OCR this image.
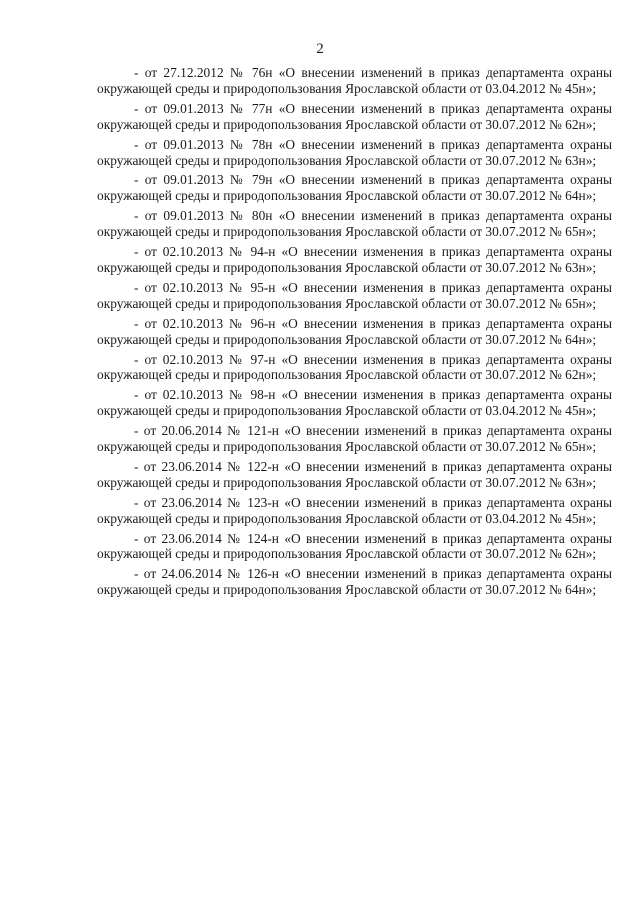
2

- от 27.12.2012 № 76н «О внесении изменений в приказ департамента охраны окружающей среды и природопользования Ярославской области от 03.04.2012 № 45н»;

- от 09.01.2013 № 77н «О внесении изменений в приказ департамента охраны окружающей среды и природопользования Ярославской области от 30.07.2012 № 62н»;

- от 09.01.2013 № 78н «О внесении изменений в приказ департамента охраны окружающей среды и природопользования Ярославской области от 30.07.2012 № 63н»;

- от 09.01.2013 № 79н «О внесении изменений в приказ департамента охраны окружающей среды и природопользования Ярославской области от 30.07.2012 № 64н»;

- от 09.01.2013 № 80н «О внесении изменений в приказ департамента охраны окружающей среды и природопользования Ярославской области от 30.07.2012 № 65н»;

- от 02.10.2013 № 94-н «О внесении изменения в приказ департамента охраны окружающей среды и природопользования Ярославской области от 30.07.2012 № 63н»;

- от 02.10.2013 № 95-н «О внесении изменения в приказ департамента охраны окружающей среды и природопользования Ярославской области от 30.07.2012 № 65н»;

- от 02.10.2013 № 96-н «О внесении изменения в приказ департамента охраны окружающей среды и природопользования Ярославской области от 30.07.2012 № 64н»;

- от 02.10.2013 № 97-н «О внесении изменения в приказ департамента охраны окружающей среды и природопользования Ярославской области от 30.07.2012 № 62н»;

- от 02.10.2013 № 98-н «О внесении изменения в приказ департамента охраны окружающей среды и природопользования Ярославской области от 03.04.2012 № 45н»;

- от 20.06.2014 № 121-н «О внесении изменений в приказ департамента охраны окружающей среды и природопользования Ярославской области от 30.07.2012 № 65н»;

- от 23.06.2014 № 122-н «О внесении изменений в приказ департамента охраны окружающей среды и природопользования Ярославской области от 30.07.2012 № 63н»;

- от 23.06.2014 № 123-н «О внесении изменений в приказ департамента охраны окружающей среды и природопользования Ярославской области от 03.04.2012 № 45н»;

- от 23.06.2014 № 124-н «О внесении изменений в приказ департамента охраны окружающей среды и природопользования Ярославской области от 30.07.2012 № 62н»;

- от 24.06.2014 № 126-н «О внесении изменений в приказ департамента охраны окружающей среды и природопользования Ярославской области от 30.07.2012 № 64н»;
